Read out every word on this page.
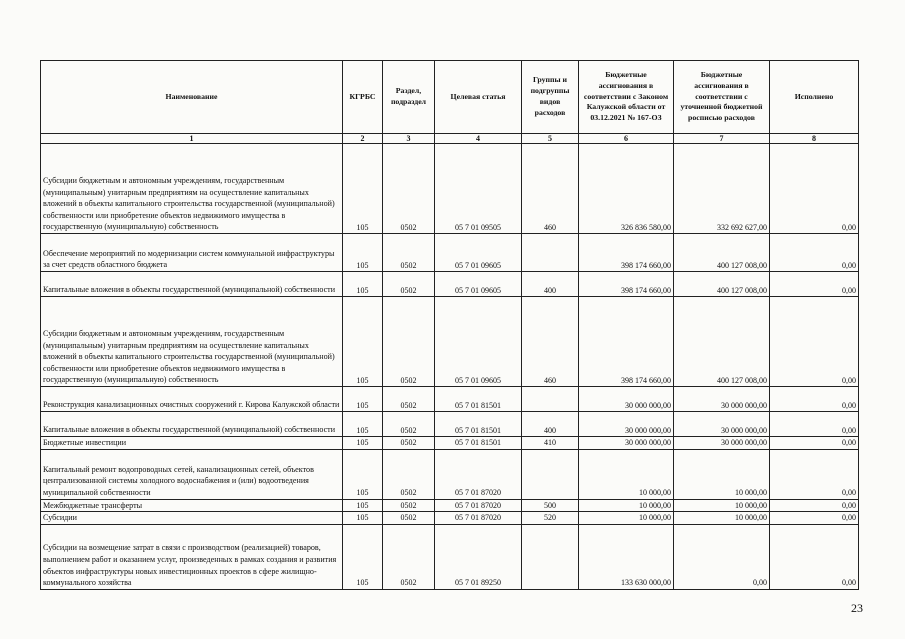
Наименование	КГРБС	Раздел, подраздел	Целевая статья	Группы и подгруппы видов расходов	Бюджетные ассигнования в соответствии с Законом Калужской области от 03.12.2021 № 167-ОЗ	Бюджетные ассигнования в соответствии с уточненной бюджетной росписью расходов	Исполнено
1	2	3	4	5	6	7	8
Субсидии бюджетным и автономным учреждениям, государственным (муниципальным) унитарным предприятиям на осуществление капитальных вложений в объекты капитального строительства государственной (муниципальной) собственности или приобретение объектов недвижимого имущества в государственную (муниципальную) собственность	105	0502	05 7 01 09505	460	326 836 580,00	332 692 627,00	0,00
Обеспечение мероприятий по модернизации систем коммунальной инфраструктуры за счет средств областного бюджета	105	0502	05 7 01 09605		398 174 660,00	400 127 008,00	0,00
Капитальные вложения в объекты государственной (муниципальной) собственности	105	0502	05 7 01 09605	400	398 174 660,00	400 127 008,00	0,00
Субсидии бюджетным и автономным учреждениям, государственным (муниципальным) унитарным предприятиям на осуществление капитальных вложений в объекты капитального строительства государственной (муниципальной) собственности или приобретение объектов недвижимого имущества в государственную (муниципальную) собственность	105	0502	05 7 01 09605	460	398 174 660,00	400 127 008,00	0,00
Реконструкция канализационных очистных сооружений г. Кирова Калужской области	105	0502	05 7 01 81501		30 000 000,00	30 000 000,00	0,00
Капитальные вложения в объекты государственной (муниципальной) собственности	105	0502	05 7 01 81501	400	30 000 000,00	30 000 000,00	0,00
Бюджетные инвестиции	105	0502	05 7 01 81501	410	30 000 000,00	30 000 000,00	0,00
Капитальный ремонт водопроводных сетей, канализационных сетей, объектов централизованной системы холодного водоснабжения и (или) водоотведения муниципальной собственности	105	0502	05 7 01 87020		10 000,00	10 000,00	0,00
Межбюджетные трансферты	105	0502	05 7 01 87020	500	10 000,00	10 000,00	0,00
Субсидии	105	0502	05 7 01 87020	520	10 000,00	10 000,00	0,00
Субсидии на возмещение затрат в связи с производством (реализацией) товаров, выполнением работ и оказанием услуг, произведенных в рамках создания и развития объектов инфраструктуры новых инвестиционных проектов в сфере жилищно-коммунального хозяйства	105	0502	05 7 01 89250		133 630 000,00	0,00	0,00
23
